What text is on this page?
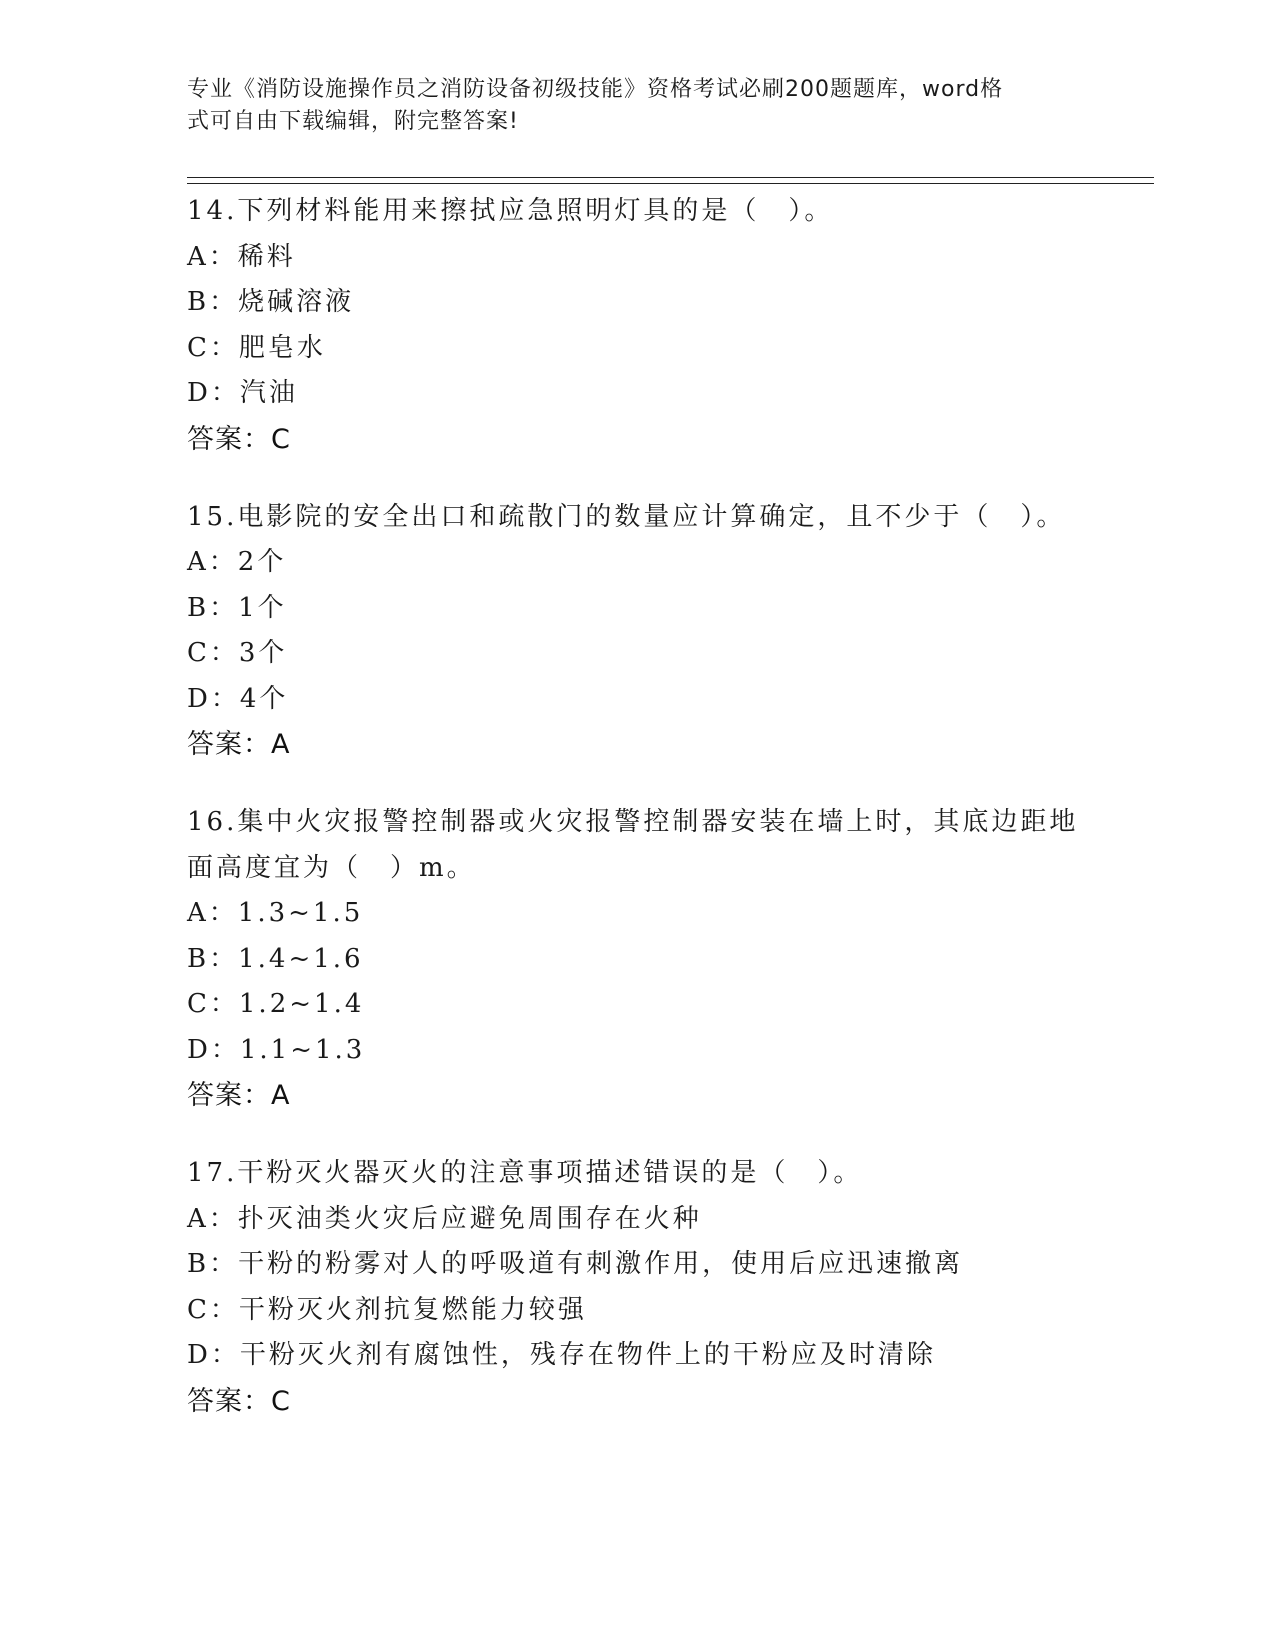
专业《消防设施操作员之消防设备初级技能》资格考试必刷200题题库，word格
式可自由下载编辑，附完整答案!
14.下列材料能用来擦拭应急照明灯具的是（　）。
A：稀料
B：烧碱溶液
C：肥皂水
D：汽油
答案：C
15.电影院的安全出口和疏散门的数量应计算确定，且不少于（　）。
A：2个
B：1个
C：3个
D：4个
答案：A
16.集中火灾报警控制器或火灾报警控制器安装在墙上时，其底边距地
面高度宜为（　）m。
A：1.3~1.5
B：1.4~1.6
C：1.2~1.4
D：1.1~1.3
答案：A
17.干粉灭火器灭火的注意事项描述错误的是（　）。
A：扑灭油类火灾后应避免周围存在火种
B：干粉的粉雾对人的呼吸道有刺激作用，使用后应迅速撤离
C：干粉灭火剂抗复燃能力较强
D：干粉灭火剂有腐蚀性，残存在物件上的干粉应及时清除
答案：C
